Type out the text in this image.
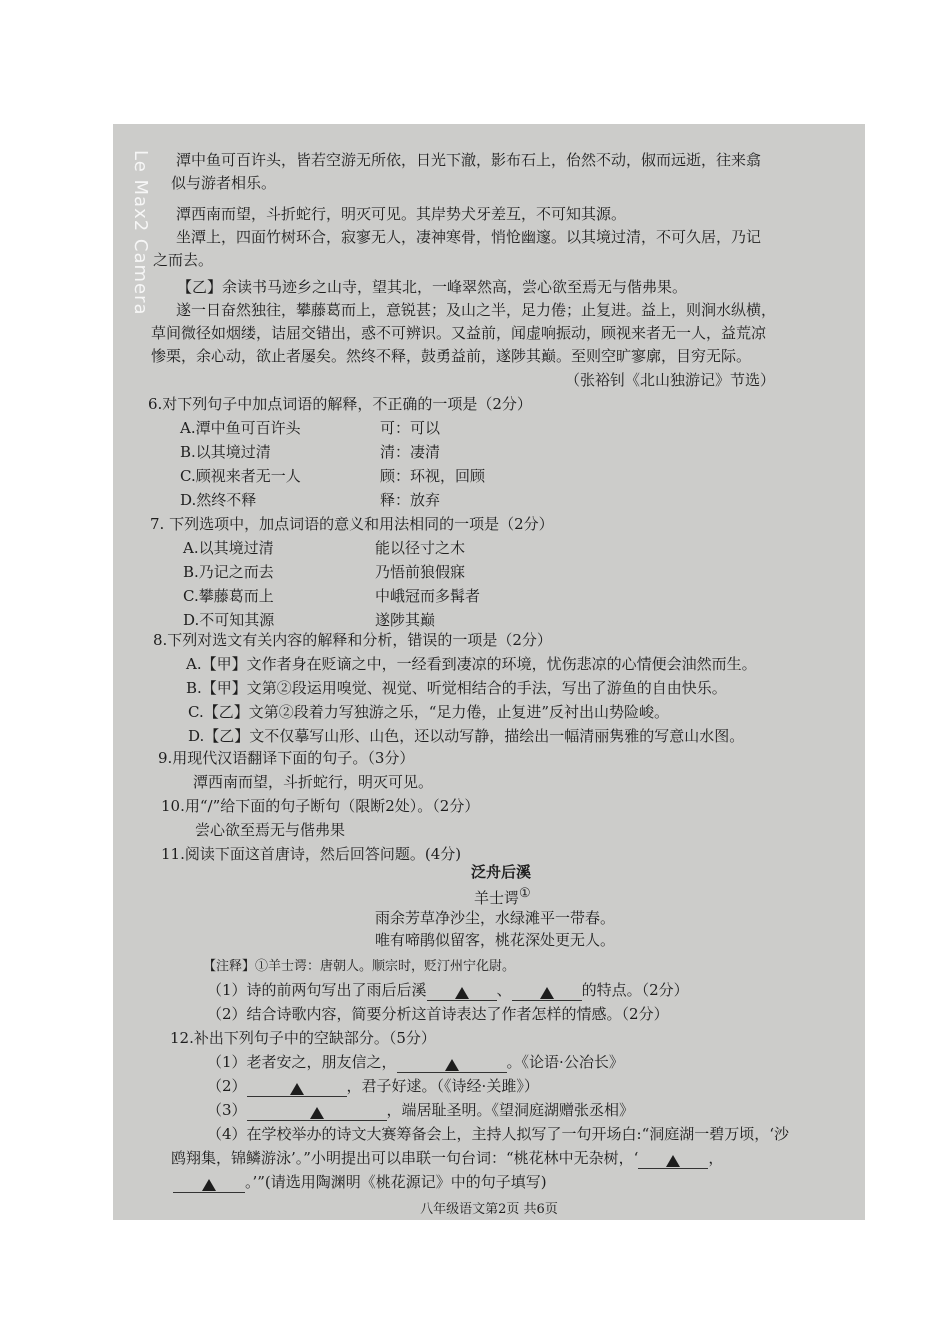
潭中鱼可百许头，皆若空游无所依，日光下澈，影布石上，佁然不动，俶而远逝，往来翕
似与游者相乐。
潭西南而望，斗折蛇行，明灭可见。其岸势犬牙差互，不可知其源。
坐潭上，四面竹树环合，寂寥无人，凄神寒骨，悄怆幽邃。以其境过清，不可久居，乃记
之而去。
【乙】余读书马迹乡之山寺，望其北，一峰翠然高，尝心欲至焉无与偕弗果。
遂一日奋然独往，攀藤葛而上，意锐甚；及山之半，足力倦；止复进。益上，则涧水纵横，
草间微径如烟缕，诘屈交错出，惑不可辨识。又益前，闻虚响振动，顾视来者无一人，益荒凉
惨栗，余心动，欲止者屡矣。然终不释，鼓勇益前，遂陟其巅。至则空旷寥廓，目穷无际。
（张裕钊《北山独游记》节选）
6.对下列句子中加点词语的解释，不正确的一项是（2分）
A.潭中鱼可百许头	可：可以
B.以其境过清	清：凄清
C.顾视来者无一人	顾：环视，回顾
D.然终不释	释：放弃
7. 下列选项中，加点词语的意义和用法相同的一项是（2分）
A.以其境过清	能以径寸之木
B.乃记之而去	乃悟前狼假寐
C.攀藤葛而上	中峨冠而多髯者
D.不可知其源	遂陟其巅
8.下列对选文有关内容的解释和分析，错误的一项是（2分）
A.【甲】文作者身在贬谪之中，一经看到凄凉的环境，忧伤悲凉的心情便会油然而生。
B.【甲】文第②段运用嗅觉、视觉、听觉相结合的手法，写出了游鱼的自由快乐。
C.【乙】文第②段着力写独游之乐，“足力倦，止复进”反衬出山势险峻。
D.【乙】文不仅摹写山形、山色，还以动写静，描绘出一幅清丽隽雅的写意山水图。
9.用现代汉语翻译下面的句子。（3分）
潭西南而望，斗折蛇行，明灭可见。
10.用“/”给下面的句子断句（限断2处）。（2分）
尝心欲至焉无与偕弗果
11.阅读下面这首唐诗，然后回答问题。(4分)
泛舟后溪
羊士谔①
雨余芳草净沙尘，水绿滩平一带春。
唯有啼鹃似留客，桃花深处更无人。
【注释】①羊士谔：唐朝人。顺宗时，贬汀州宁化尉。
（1）诗的前两句写出了雨后后溪	、	的特点。（2分）
（2）结合诗歌内容，简要分析这首诗表达了作者怎样的情感。（2分）
12.补出下列句子中的空缺部分。（5分）
（1）老者安之，朋友信之，	。《论语·公冶长》
（2）	，君子好逑。（《诗经·关雎》）
（3）	，端居耻圣明。《望洞庭湖赠张丞相》
（4）在学校举办的诗文大赛筹备会上，主持人拟写了一句开场白:“洞庭湖一碧万顷，‘沙
鸥翔集，锦鳞游泳’。”小明提出可以串联一句台词：“桃花林中无杂树，‘	，
。’”(请选用陶渊明《桃花源记》中的句子填写)
八年级语文第2页 共6页
Le Max2 Camera
